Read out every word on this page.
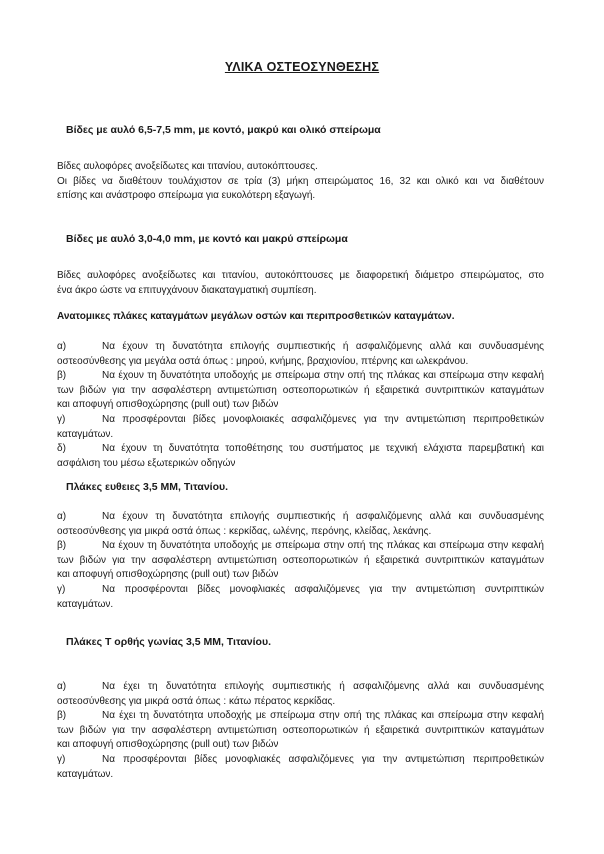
ΥΛΙΚΑ ΟΣΤΕΟΣΥΝΘΕΣΗΣ
Βίδες με αυλό 6,5-7,5 mm, με κοντό, μακρύ και ολικό σπείρωμα
Βίδες αυλοφόρες ανοξείδωτες και τιτανίου, αυτοκόπτουσες.
Οι βίδες να διαθέτουν τουλάχιστον σε τρία (3) μήκη σπειρώματος 16, 32 και ολικό και να διαθέτουν
επίσης και ανάστροφο σπείρωμα για ευκολότερη εξαγωγή.
Βίδες με αυλό 3,0-4,0 mm, με κοντό και μακρύ σπείρωμα
Βίδες αυλοφόρες ανοξείδωτες και τιτανίου, αυτοκόπτουσες με διαφορετική διάμετρο σπειρώματος, στο
ένα άκρο ώστε να επιτυγχάνουν διακαταγματική συμπίεση.
Ανατομικες πλάκες καταγμάτων μεγάλων οστών και περιπροσθετικών καταγμάτων.
α)	Να έχουν τη δυνατότητα επιλογής συμπιεστικής ή ασφαλιζόμενης αλλά και συνδυασμένης
οστεοσύνθεσης για μεγάλα οστά όπως : μηρού, κνήμης, βραχιονίου, πτέρνης και ωλεκράνου.
β)	Να έχουν τη δυνατότητα υποδοχής με σπείρωμα στην οπή της πλάκας και σπείρωμα στην κεφαλή
των βιδών για την ασφαλέστερη αντιμετώπιση οστεοπορωτικών ή εξαιρετικά συντριπτικών καταγμάτων
και αποφυγή οπισθοχώρησης (pull out) των βιδών
γ)	Να προσφέρονται βίδες μονοφλοιακές ασφαλιζόμενες για την αντιμετώπιση περιπροθετικών
καταγμάτων.
δ)	Να έχουν τη δυνατότητα τοποθέτησης του συστήματος με τεχνική ελάχιστα παρεμβατική και
ασφάλιση του μέσω εξωτερικών οδηγών
Πλάκες ευθειες 3,5 ΜΜ, Τιτανίου.
α)	Να έχουν τη δυνατότητα επιλογής συμπιεστικής ή ασφαλιζόμενης αλλά και συνδυασμένης
οστεοσύνθεσης για μικρά οστά όπως : κερκίδας, ωλένης, περόνης, κλείδας, λεκάνης.
β)	Να έχουν τη δυνατότητα υποδοχής με σπείρωμα στην οπή της πλάκας και σπείρωμα στην κεφαλή
των βιδών για την ασφαλέστερη αντιμετώπιση οστεοπορωτικών ή εξαιρετικά συντριπτικών καταγμάτων
και αποφυγή οπισθοχώρησης (pull out) των βιδών
γ)	Να προσφέρονται βίδες μονοφλιακές ασφαλιζόμενες για την αντιμετώπιση συντριπτικών
καταγμάτων.
Πλάκες Τ ορθής γωνίας 3,5 ΜΜ, Τιτανίου.
α)	Να έχει τη δυνατότητα επιλογής συμπιεστικής ή ασφαλιζόμενης αλλά και συνδυασμένης
οστεοσύνθεσης για μικρά οστά όπως : κάτω πέρατος κερκίδας.
β)	Να έχει τη δυνατότητα υποδοχής με σπείρωμα στην οπή της πλάκας και σπείρωμα στην κεφαλή
των βιδών για την ασφαλέστερη αντιμετώπιση οστεοπορωτικών ή εξαιρετικά συντριπτικών καταγμάτων
και αποφυγή οπισθοχώρησης (pull out) των βιδών
γ)	Να προσφέρονται βίδες μονοφλιακές ασφαλιζόμενες για την αντιμετώπιση περιπροθετικών
καταγμάτων.
